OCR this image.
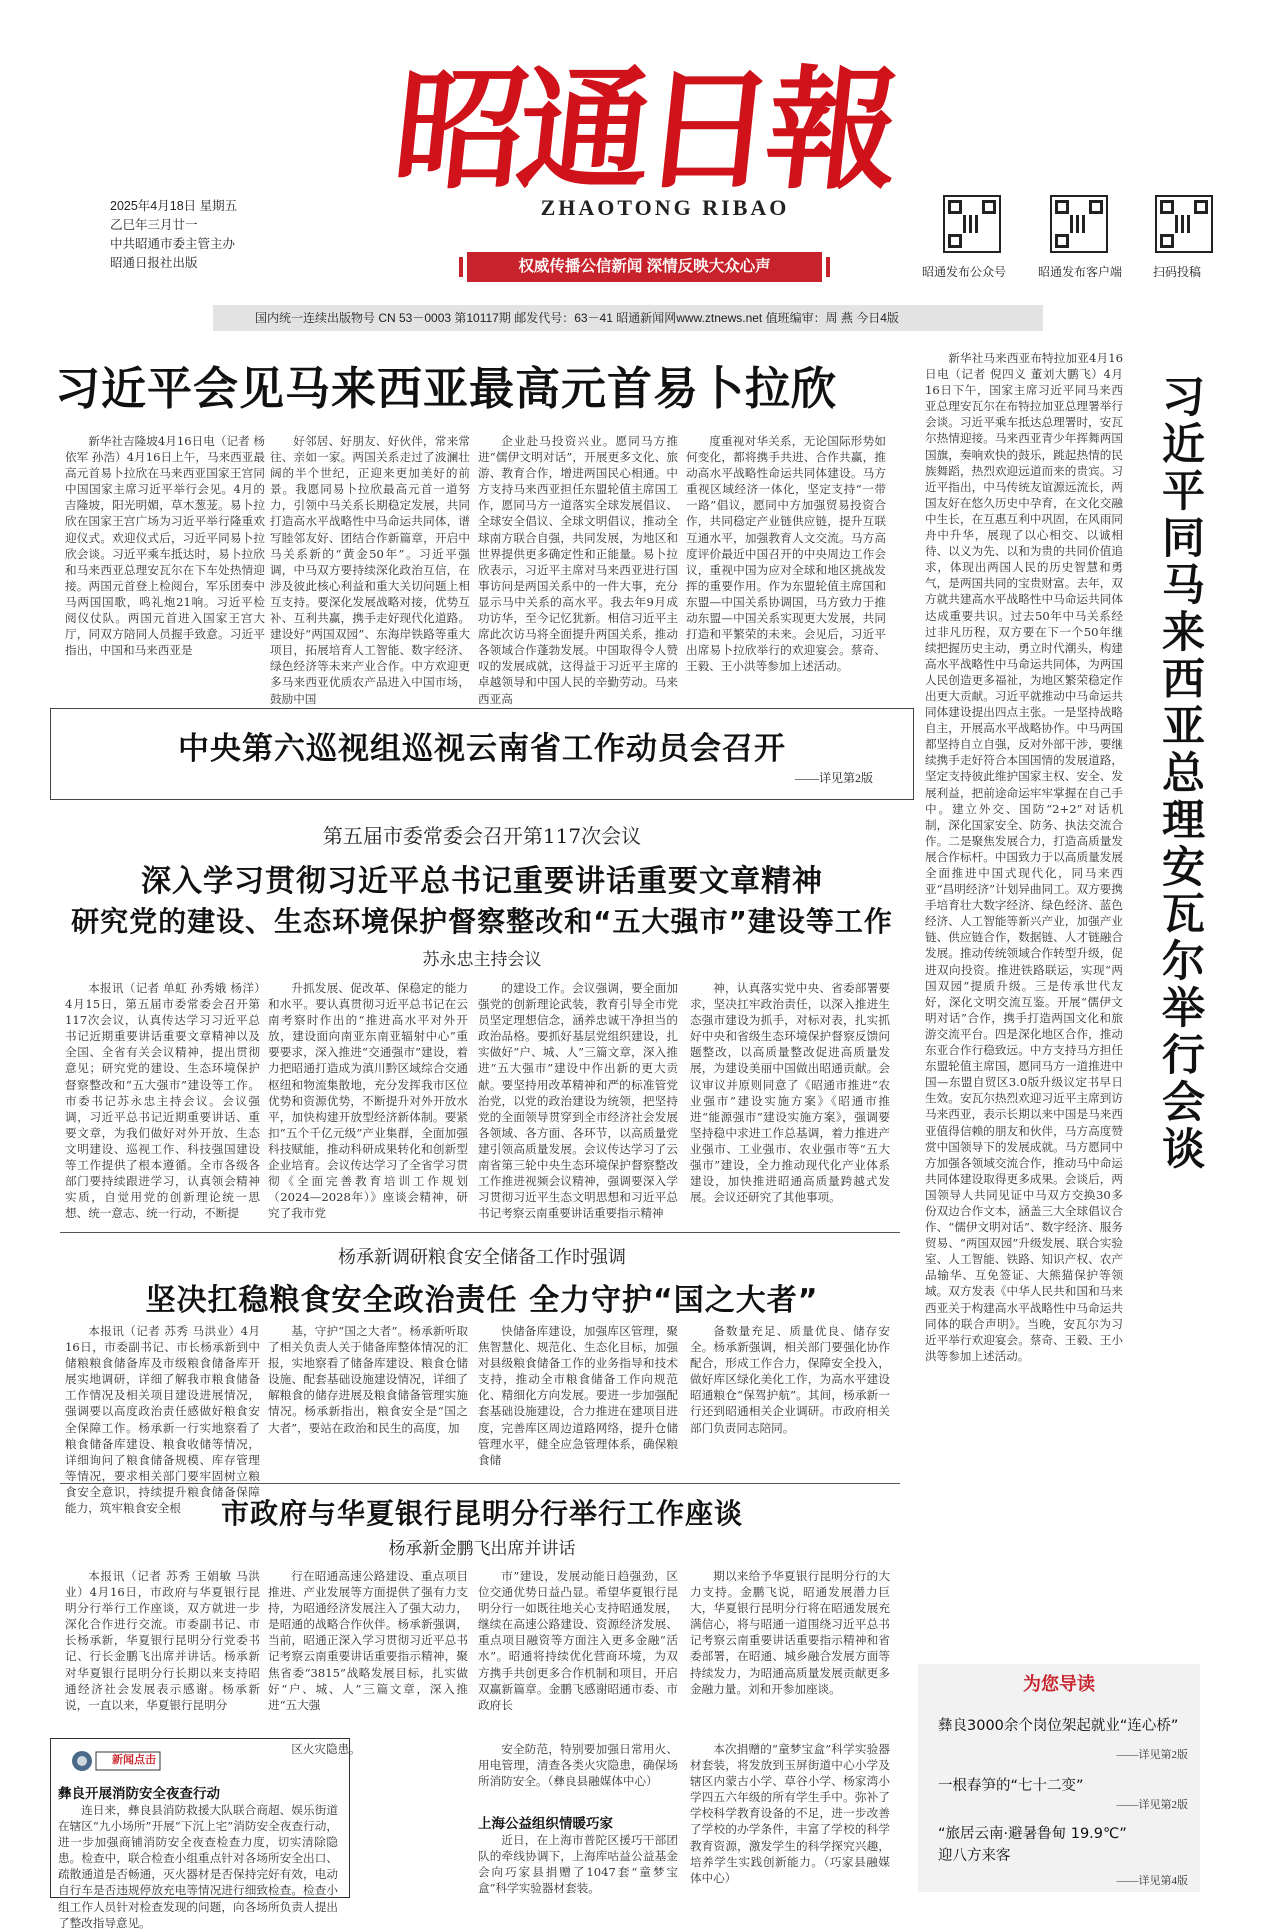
昭
通
日
報
ZHAOTONG RIBAO
2025年4月18日 星期五
乙巳年三月廿一
中共昭通市委主管主办
昭通日报社出版	权威传播公信新闻 深情反映大众心声	昭通发布公众号	昭通发布客户端	扫码投稿
国内统一连续出版物号 CN 53－0003 第10117期 邮发代号：63－41 昭通新闻网www.ztnews.net 值班编审：周 燕 今日4版
习近平会见马来西亚最高元首易卜拉欣

新华社吉隆坡4月16日电（记者 杨依军 孙浩）4月16日上午，马来西亚最高元首易卜拉欣在马来西亚国家王宫同中国国家主席习近平举行会见。4月的吉隆坡，阳光明媚，草木葱茏。易卜拉欣在国家王宫广场为习近平举行隆重欢迎仪式。欢迎仪式后，习近平同易卜拉欣会谈。习近平乘车抵达时，易卜拉欣和马来西亚总理安瓦尔在下车处热情迎接。两国元首登上检阅台，军乐团奏中马两国国歌，鸣礼炮21响。习近平检阅仪仗队。两国元首进入国家王宫大厅，同双方陪同人员握手致意。习近平指出，中国和马来西亚是

好邻居、好朋友、好伙伴，常来常往、亲如一家。两国关系走过了波澜壮阔的半个世纪，正迎来更加美好的前景。我愿同易卜拉欣最高元首一道努力，引领中马关系长期稳定发展，共同打造高水平战略性中马命运共同体，谱写睦邻友好、团结合作新篇章，开启中马关系新的“黄金50年”。习近平强调，中马双方要持续深化政治互信，在涉及彼此核心利益和重大关切问题上相互支持。要深化发展战略对接，优势互补、互利共赢，携手走好现代化道路。建设好“两国双园”、东海岸铁路等重大项目，拓展培育人工智能、数字经济、绿色经济等未来产业合作。中方欢迎更多马来西亚优质农产品进入中国市场，鼓励中国

企业赴马投资兴业。愿同马方推进“儒伊文明对话”，开展更多文化、旅游、教育合作，增进两国民心相通。中方支持马来西亚担任东盟轮值主席国工作，愿同马方一道落实全球发展倡议、全球安全倡议、全球文明倡议，推动全球南方联合自强，共同发展，为地区和世界提供更多确定性和正能量。易卜拉欣表示，习近平主席对马来西亚进行国事访问是两国关系中的一件大事，充分显示马中关系的高水平。我去年9月成功访华，至今记忆犹新。相信习近平主席此次访马将全面提升两国关系，推动各领域合作蓬勃发展。中国取得令人赞叹的发展成就，这得益于习近平主席的卓越领导和中国人民的辛勤劳动。马来西亚高

度重视对华关系，无论国际形势如何变化，都将携手共进、合作共赢，推动高水平战略性命运共同体建设。马方重视区域经济一体化，坚定支持“一带一路”倡议，愿同中方加强贸易投资合作，共同稳定产业链供应链，提升互联互通水平，加强教育人文交流。马方高度评价最近中国召开的中央周边工作会议，重视中国为应对全球和地区挑战发挥的重要作用。作为东盟轮值主席国和东盟—中国关系协调国，马方致力于推动东盟—中国关系实现更大发展，共同打造和平繁荣的未来。会见后，习近平出席易卜拉欣举行的欢迎宴会。蔡奇、王毅、王小洪等参加上述活动。

中央第六巡视组巡视云南省工作动员会召开
——详见第2版
第五届市委常委会召开第117次会议
深入学习贯彻习近平总书记重要讲话重要文章精神
研究党的建设、生态环境保护督察整改和“五大强市”建设等工作
苏永忠主持会议

本报讯（记者 单虹 孙秀娥 杨洋）4月15日，第五届市委常委会召开第117次会议，认真传达学习习近平总书记近期重要讲话重要文章精神以及全国、全省有关会议精神，提出贯彻意见；研究党的建设、生态环境保护督察整改和“五大强市”建设等工作。市委书记苏永忠主持会议。会议强调，习近平总书记近期重要讲话、重要文章，为我们做好对外开放、生态文明建设、巡视工作、科技强国建设等工作提供了根本遵循。全市各级各部门要持续跟进学习，认真领会精神实质，自觉用党的创新理论统一思想、统一意志、统一行动，不断提

升抓发展、促改革、保稳定的能力和水平。要认真贯彻习近平总书记在云南考察时作出的“推进高水平对外开放，建设面向南亚东南亚辐射中心”重要要求，深入推进“交通强市”建设，着力把昭通打造成为滇川黔区域综合交通枢纽和物流集散地，充分发挥我市区位优势和资源优势，不断提升对外开放水平，加快构建开放型经济新体制。要紧扣“五个千亿元级”产业集群，全面加强科技赋能，推动科研成果转化和创新型企业培育。会议传达学习了全省学习贯彻《全面完善教育培训工作规划（2024—2028年）》座谈会精神，研究了我市党

的建设工作。会议强调，要全面加强党的创新理论武装，教育引导全市党员坚定理想信念，涵养忠诚干净担当的政治品格。要抓好基层党组织建设，扎实做好“户、城、人”三篇文章，深入推进“五大强市”建设中作出新的更大贡献。要坚持用改革精神和严的标准管党治党，以党的政治建设为统领，把坚持党的全面领导贯穿到全市经济社会发展各领域、各方面、各环节，以高质量党建引领高质量发展。会议传达学习了云南省第三轮中央生态环境保护督察整改工作推进视频会议精神，强调要深入学习贯彻习近平生态文明思想和习近平总书记考察云南重要讲话重要指示精神

神，认真落实党中央、省委部署要求，坚决扛牢政治责任，以深入推进生态强市建设为抓手，对标对表，扎实抓好中央和省级生态环境保护督察反馈问题整改，以高质量整改促进高质量发展，为建设美丽中国做出昭通贡献。会议审议并原则同意了《昭通市推进“农业强市”建设实施方案》《昭通市推进“能源强市”建设实施方案》，强调要坚持稳中求进工作总基调，着力推进产业强市、工业强市、农业强市等“五大强市”建设，全力推动现代化产业体系建设，加快推进昭通高质量跨越式发展。会议还研究了其他事项。

杨承新调研粮食安全储备工作时强调
坚决扛稳粮食安全政治责任 全力守护“国之大者”

本报讯（记者 苏秀 马洪业）4月16日，市委副书记、市长杨承新到中储粮粮食储备库及市级粮食储备库开展实地调研，详细了解我市粮食储备工作情况及相关项目建设进展情况，强调要以高度政治责任感做好粮食安全保障工作。杨承新一行实地察看了粮食储备库建设、粮食收储等情况，详细询问了粮食储备规模、库存管理等情况，要求相关部门要牢固树立粮食安全意识，持续提升粮食储备保障能力，筑牢粮食安全根

基，守护“国之大者”。杨承新听取了相关负责人关于储备库整体情况的汇报，实地察看了储备库建设、粮食仓储设施、配套基础设施建设情况，详细了解粮食的储存进展及粮食储备管理实施情况。杨承新指出，粮食安全是“国之大者”，要站在政治和民生的高度，加

快储备库建设，加强库区管理，聚焦智慧化、规范化、生态化目标，加强对县级粮食储备工作的业务指导和技术支持，推动全市粮食储备工作向规范化、精细化方向发展。要进一步加强配套基础设施建设，合力推进在建项目进度，完善库区周边道路网络，提升仓储管理水平，健全应急管理体系，确保粮食储

备数量充足、质量优良、储存安全。杨承新强调，相关部门要强化协作配合，形成工作合力，保障安全投入，做好库区绿化美化工作，为高水平建设昭通粮仓“保驾护航”。其间，杨承新一行还到昭通相关企业调研。市政府相关部门负责同志陪同。

市政府与华夏银行昆明分行举行工作座谈
杨承新金鹏飞出席并讲话

本报讯（记者 苏秀 王娟敏 马洪业）4月16日，市政府与华夏银行昆明分行举行工作座谈，双方就进一步深化合作进行交流。市委副书记、市长杨承新，华夏银行昆明分行党委书记、行长金鹏飞出席并讲话。杨承新对华夏银行昆明分行长期以来支持昭通经济社会发展表示感谢。杨承新说，一直以来，华夏银行昆明分

行在昭通高速公路建设、重点项目推进、产业发展等方面提供了强有力支持，为昭通经济发展注入了强大动力，是昭通的战略合作伙伴。杨承新强调，当前，昭通正深入学习贯彻习近平总书记考察云南重要讲话重要指示精神，聚焦省委“3815”战略发展目标，扎实做好“户、城、人”三篇文章，深入推进“五大强

市”建设，发展动能日趋强劲，区位交通优势日益凸显。希望华夏银行昆明分行一如既往地关心支持昭通发展，继续在高速公路建设、资源经济发展、重点项目融资等方面注入更多金融“活水”。昭通将持续优化营商环境，为双方携手共创更多合作机制和项目，开启双赢新篇章。金鹏飞感谢昭通市委、市政府长

期以来给予华夏银行昆明分行的大力支持。金鹏飞说，昭通发展潜力巨大，华夏银行昆明分行将在昭通发展充满信心，将与昭通一道围绕习近平总书记考察云南重要讲话重要指示精神和省委部署，在昭通、城乡融合发展方面等持续发力，为昭通高质量发展贡献更多金融力量。刘和开参加座谈。

新闻点击
彝良开展消防安全夜查行动

连日来，彝良县消防救援大队联合商超、娱乐街道在辖区“九小场所”开展“下沉上宅”消防安全夜查行动，进一步加强商铺消防安全夜查检查力度，切实清除隐患。检查中，联合检查小组重点针对各场所安全出口、疏散通道是否畅通，灭火器材是否保持完好有效，电动自行车是否违规停放充电等情况进行细致检查。检查小组工作人员针对检查发现的问题，向各场所负责人提出了整改指导意见。

区火灾隐患。	安全防范，特别要加强日常用火、用电管理，清查各类火灾隐患，确保场所消防安全。（彝良县融媒体中心）

上海公益组织情暖巧家

近日，在上海市普陀区援巧干部团队的牵线协调下，上海库咕益公益基金会向巧家县捐赠了1047套“童梦宝盒”科学实验器材套装。

本次捐赠的“童梦宝盒”科学实验器材套装，将发放到玉屏街道中心小学及辖区内蒙古小学、草谷小学、杨家湾小学四五六年级的所有学生手中。弥补了学校科学教育设备的不足，进一步改善了学校的办学条件，丰富了学校的科学教育资源，激发学生的科学探究兴趣，培养学生实践创新能力。（巧家县融媒体中心）

新华社马来西亚布特拉加亚4月16日电（记者 倪四义 董刘大鹏飞）4月16日下午，国家主席习近平同马来西亚总理安瓦尔在布特拉加亚总理署举行会谈。习近平乘车抵达总理署时，安瓦尔热情迎接。马来西亚青少年挥舞两国国旗，奏响欢快的鼓乐，跳起热情的民族舞蹈，热烈欢迎远道而来的贵宾。习近平指出，中马传统友谊源远流长，两国友好在悠久历史中孕育，在文化交融中生长，在互惠互利中巩固，在风雨同舟中升华，展现了以心相交、以诚相待、以义为先、以和为贵的共同价值追求，体现出两国人民的历史智慧和勇气，是两国共同的宝贵财富。去年，双方就共建高水平战略性中马命运共同体达成重要共识。过去50年中马关系经过非凡历程，双方要在下一个50年继续把握历史主动，勇立时代潮头，构建高水平战略性中马命运共同体，为两国人民创造更多福祉，为地区繁荣稳定作出更大贡献。习近平就推动中马命运共同体建设提出四点主张。一是坚持战略自主，开展高水平战略协作。中马两国都坚持自立自强，反对外部干涉，要继续携手走好符合本国国情的发展道路，坚定支持彼此维护国家主权、安全、发展利益，把前途命运牢牢掌握在自己手中。建立外交、国防“2+2”对话机制，深化国家安全、防务、执法交流合作。二是聚焦发展合力，打造高质量发展合作标杆。中国致力于以高质量发展全面推进中国式现代化，同马来西亚“昌明经济”计划异曲同工。双方要携手培育壮大数字经济、绿色经济、蓝色经济、人工智能等新兴产业，加强产业链、供应链合作，数据链、人才链融合发展。推动传统领域合作转型升级，促进双向投资。推进铁路联运，实现“两国双园”提质升级。三是传承世代友好，深化文明交流互鉴。开展“儒伊文明对话”合作，携手打造两国文化和旅游交流平台。四是深化地区合作，推动东亚合作行稳致远。中方支持马方担任东盟轮值主席国，愿同马方一道推进中国—东盟自贸区3.0版升级议定书早日生效。安瓦尔热烈欢迎习近平主席到访马来西亚，表示长期以来中国是马来西亚值得信赖的朋友和伙伴，马方高度赞赏中国领导下的发展成就。马方愿同中方加强各领域交流合作，推动马中命运共同体建设取得更多成果。会谈后，两国领导人共同见证中马双方交换30多份双边合作文本，涵盖三大全球倡议合作、“儒伊文明对话”、数字经济、服务贸易、“两国双园”升级发展、联合实验室、人工智能、铁路、知识产权、农产品输华、互免签证、大熊猫保护等领域。双方发表《中华人民共和国和马来西亚关于构建高水平战略性中马命运共同体的联合声明》。当晚，安瓦尔为习近平举行欢迎宴会。蔡奇、王毅、王小洪等参加上述活动。

习近平同马来西亚总理安瓦尔举行会谈
为您导读
彝良3000余个岗位架起就业“连心桥”
——详见第2版
一根春笋的“七十二变”
——详见第2版
“旅居云南·避暑鲁甸 19.9℃”
迎八方来客
——详见第4版
